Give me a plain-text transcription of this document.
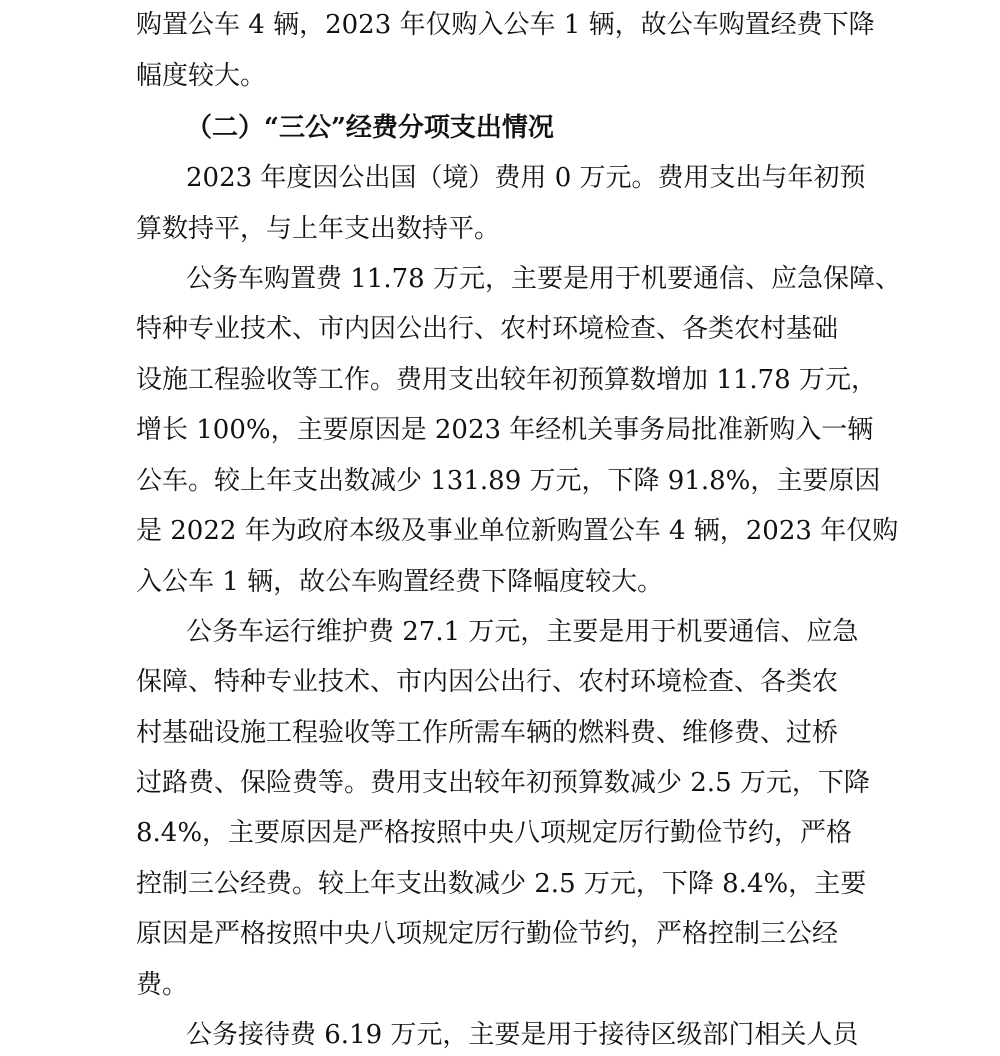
购置公车 4 辆，2023 年仅购入公车 1 辆，故公车购置经费下降
幅度较大。
（二）“三公”经费分项支出情况
2023 年度因公出国（境）费用 0 万元。费用支出与年初预
算数持平，与上年支出数持平。
公务车购置费 11.78 万元，主要是用于机要通信、应急保障、
特种专业技术、市内因公出行、农村环境检查、各类农村基础
设施工程验收等工作。费用支出较年初预算数增加 11.78 万元，
增长 100%，主要原因是 2023 年经机关事务局批准新购入一辆
公车。较上年支出数减少 131.89 万元，下降 91.8%，主要原因
是 2022 年为政府本级及事业单位新购置公车 4 辆，2023 年仅购
入公车 1 辆，故公车购置经费下降幅度较大。
公务车运行维护费 27.1 万元，主要是用于机要通信、应急
保障、特种专业技术、市内因公出行、农村环境检查、各类农
村基础设施工程验收等工作所需车辆的燃料费、维修费、过桥
过路费、保险费等。费用支出较年初预算数减少 2.5 万元，下降
8.4%，主要原因是严格按照中央八项规定厉行勤俭节约，严格
控制三公经费。较上年支出数减少 2.5 万元，下降 8.4%，主要
原因是严格按照中央八项规定厉行勤俭节约，严格控制三公经
费。
公务接待费 6.19 万元，主要是用于接待区级部门相关人员
